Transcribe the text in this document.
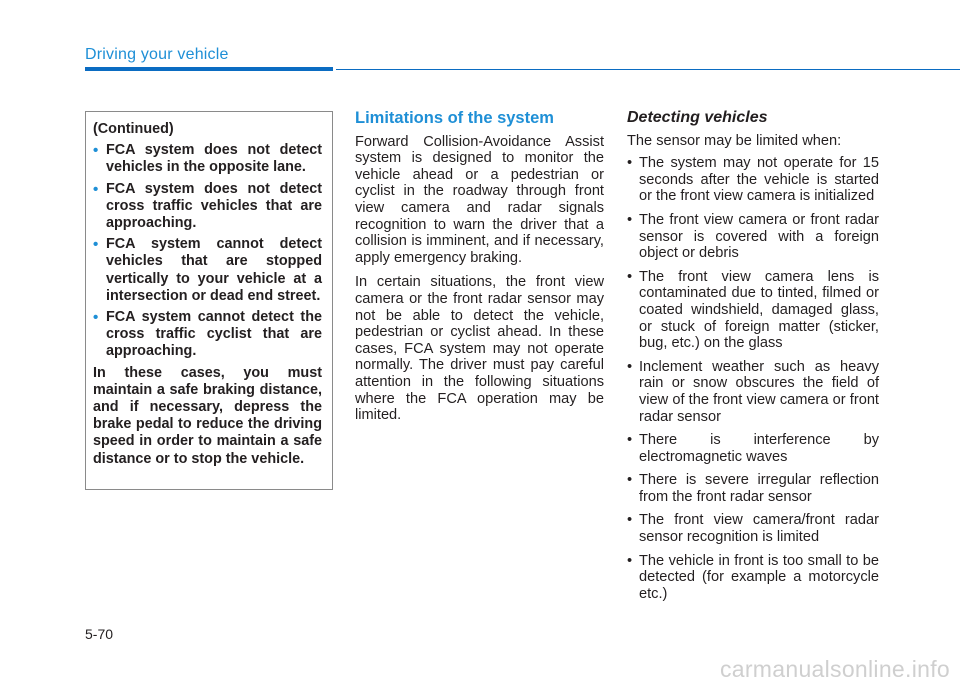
Driving your vehicle
(Continued)
• FCA system does not detect vehicles in the opposite lane.
• FCA system does not detect cross traffic vehicles that are approaching.
• FCA system cannot detect vehicles that are stopped vertically to your vehicle at a intersection or dead end street.
• FCA system cannot detect the cross traffic cyclist that are approaching.

In these cases, you must maintain a safe braking distance, and if necessary, depress the brake pedal to reduce the driving speed in order to maintain a safe distance or to stop the vehicle.

Limitations of the system

Forward Collision-Avoidance Assist system is designed to monitor the vehicle ahead or a pedestrian or cyclist in the roadway through front view camera and radar signals recognition to warn the driver that a collision is imminent, and if necessary, apply emergency braking.

In certain situations, the front view camera or the front radar sensor may not be able to detect the vehicle, pedestrian or cyclist ahead. In these cases, FCA system may not operate normally. The driver must pay careful attention in the following situations where the FCA operation may be limited.

Detecting vehicles

The sensor may be limited when:

• The system may not operate for 15 seconds after the vehicle is started or the front view camera is initialized
• The front view camera or front radar sensor is covered with a foreign object or debris
• The front view camera lens is contaminated due to tinted, filmed or coated windshield, damaged glass, or stuck of foreign matter (sticker, bug, etc.) on the glass
• Inclement weather such as heavy rain or snow obscures the field of view of the front view camera or front radar sensor
• There is interference by electromagnetic waves
• There is severe irregular reflection from the front radar sensor
• The front view camera/front radar sensor recognition is limited
• The vehicle in front is too small to be detected (for example a motorcycle etc.)
5-70
carmanualsonline.info
